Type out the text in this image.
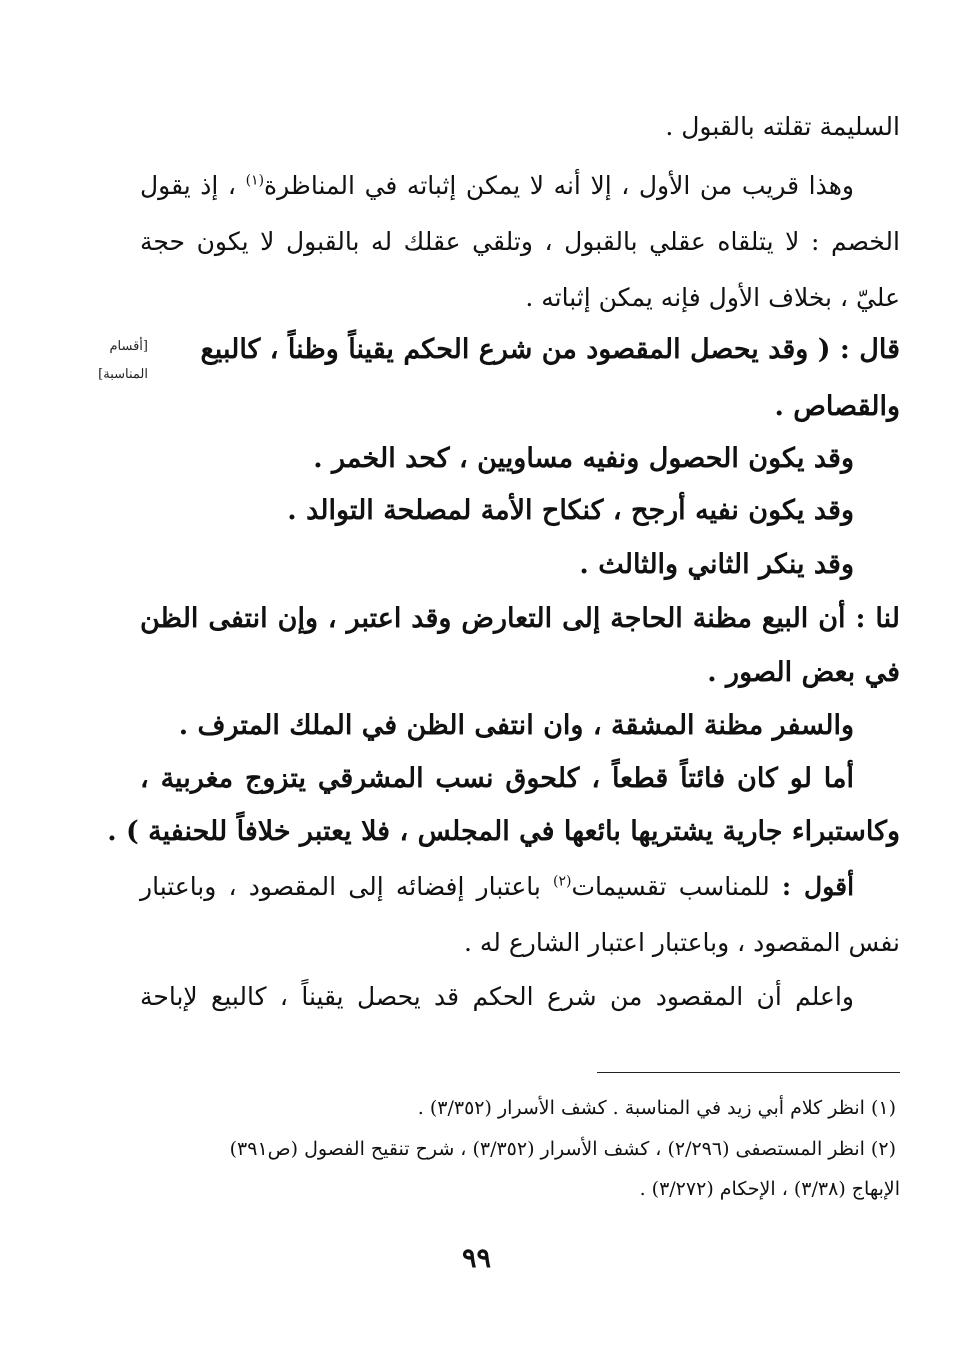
السليمة تقلته بالقبول .
وهذا قريب من الأول ، إلا أنه لا يمكن إثباته في المناظرة$^{(١)}$ ، إذ يقول
الخصم : لا يتلقاه عقلي بالقبول ، وتلقي عقلك له بالقبول لا يكون حجة
عليّ ، بخلاف الأول فإنه يمكن إثباته .
[أقسام
المناسبة]
قال : ( وقد يحصل المقصود من شرع الحكم يقيناً وظناً ، كالبيع
والقصاص .
وقد يكون الحصول ونفيه مساويين ، كحد الخمر .
وقد يكون نفيه أرجح ، كنكاح الأمة لمصلحة التوالد .
وقد ينكر الثاني والثالث .
لنا : أن البيع مظنة الحاجة إلى التعارض وقد اعتبر ، وإن انتفى الظن
في بعض الصور .
والسفر مظنة المشقة ، وان انتفى الظن في الملك المترف .
أما لو كان فائتاً قطعاً ، كلحوق نسب المشرقي يتزوج مغربية ،
وكاستبراء جارية يشتريها بائعها في المجلس ، فلا يعتبر خلافاً للحنفية ) .
أقول : للمناسب تقسيمات$^{(٢)}$ باعتبار إفضائه إلى المقصود ، وباعتبار
نفس المقصود ، وباعتبار اعتبار الشارع له .
واعلم أن المقصود من شرع الحكم قد يحصل يقيناً ، كالبيع لإباحة
(١) انظر كلام أبي زيد في المناسبة . كشف الأسرار (٣/٣٥٢) .
(٢) انظر المستصفى (٢/٢٩٦) ، كشف الأسرار (٣/٣٥٢) ، شرح تنقيح الفصول (ص٣٩١)
الإبهاج (٣/٣٨) ، الإحكام (٣/٢٧٢) .
٩٩
